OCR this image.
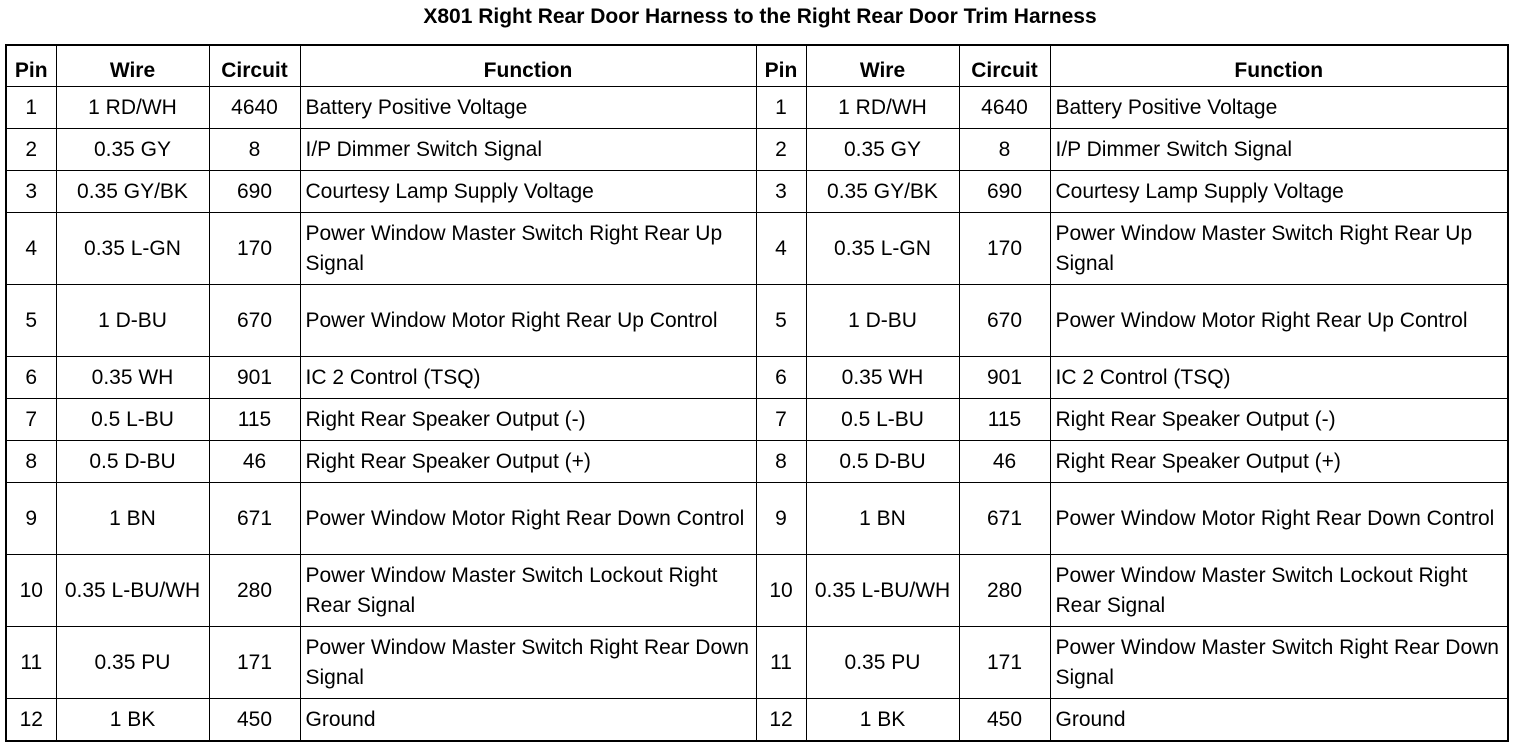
X801 Right Rear Door Harness to the Right Rear Door Trim Harness
Pin	Wire	Circuit	Function	Pin	Wire	Circuit	Function
1	1 RD/WH	4640	Battery Positive Voltage	1	1 RD/WH	4640	Battery Positive Voltage
2	0.35 GY	8	I/P Dimmer Switch Signal	2	0.35 GY	8	I/P Dimmer Switch Signal
3	0.35 GY/BK	690	Courtesy Lamp Supply Voltage	3	0.35 GY/BK	690	Courtesy Lamp Supply Voltage
4	0.35 L-GN	170	Power Window Master Switch Right Rear Up Signal	4	0.35 L-GN	170	Power Window Master Switch Right Rear Up Signal
5	1 D-BU	670	Power Window Motor Right Rear Up Control	5	1 D-BU	670	Power Window Motor Right Rear Up Control
6	0.35 WH	901	IC 2 Control (TSQ)	6	0.35 WH	901	IC 2 Control (TSQ)
7	0.5 L-BU	115	Right Rear Speaker Output (-)	7	0.5 L-BU	115	Right Rear Speaker Output (-)
8	0.5 D-BU	46	Right Rear Speaker Output (+)	8	0.5 D-BU	46	Right Rear Speaker Output (+)
9	1 BN	671	Power Window Motor Right Rear Down Control	9	1 BN	671	Power Window Motor Right Rear Down Control
10	0.35 L-BU/WH	280	Power Window Master Switch Lockout Right Rear Signal	10	0.35 L-BU/WH	280	Power Window Master Switch Lockout Right Rear Signal
11	0.35 PU	171	Power Window Master Switch Right Rear Down Signal	11	0.35 PU	171	Power Window Master Switch Right Rear Down Signal
12	1 BK	450	Ground	12	1 BK	450	Ground
